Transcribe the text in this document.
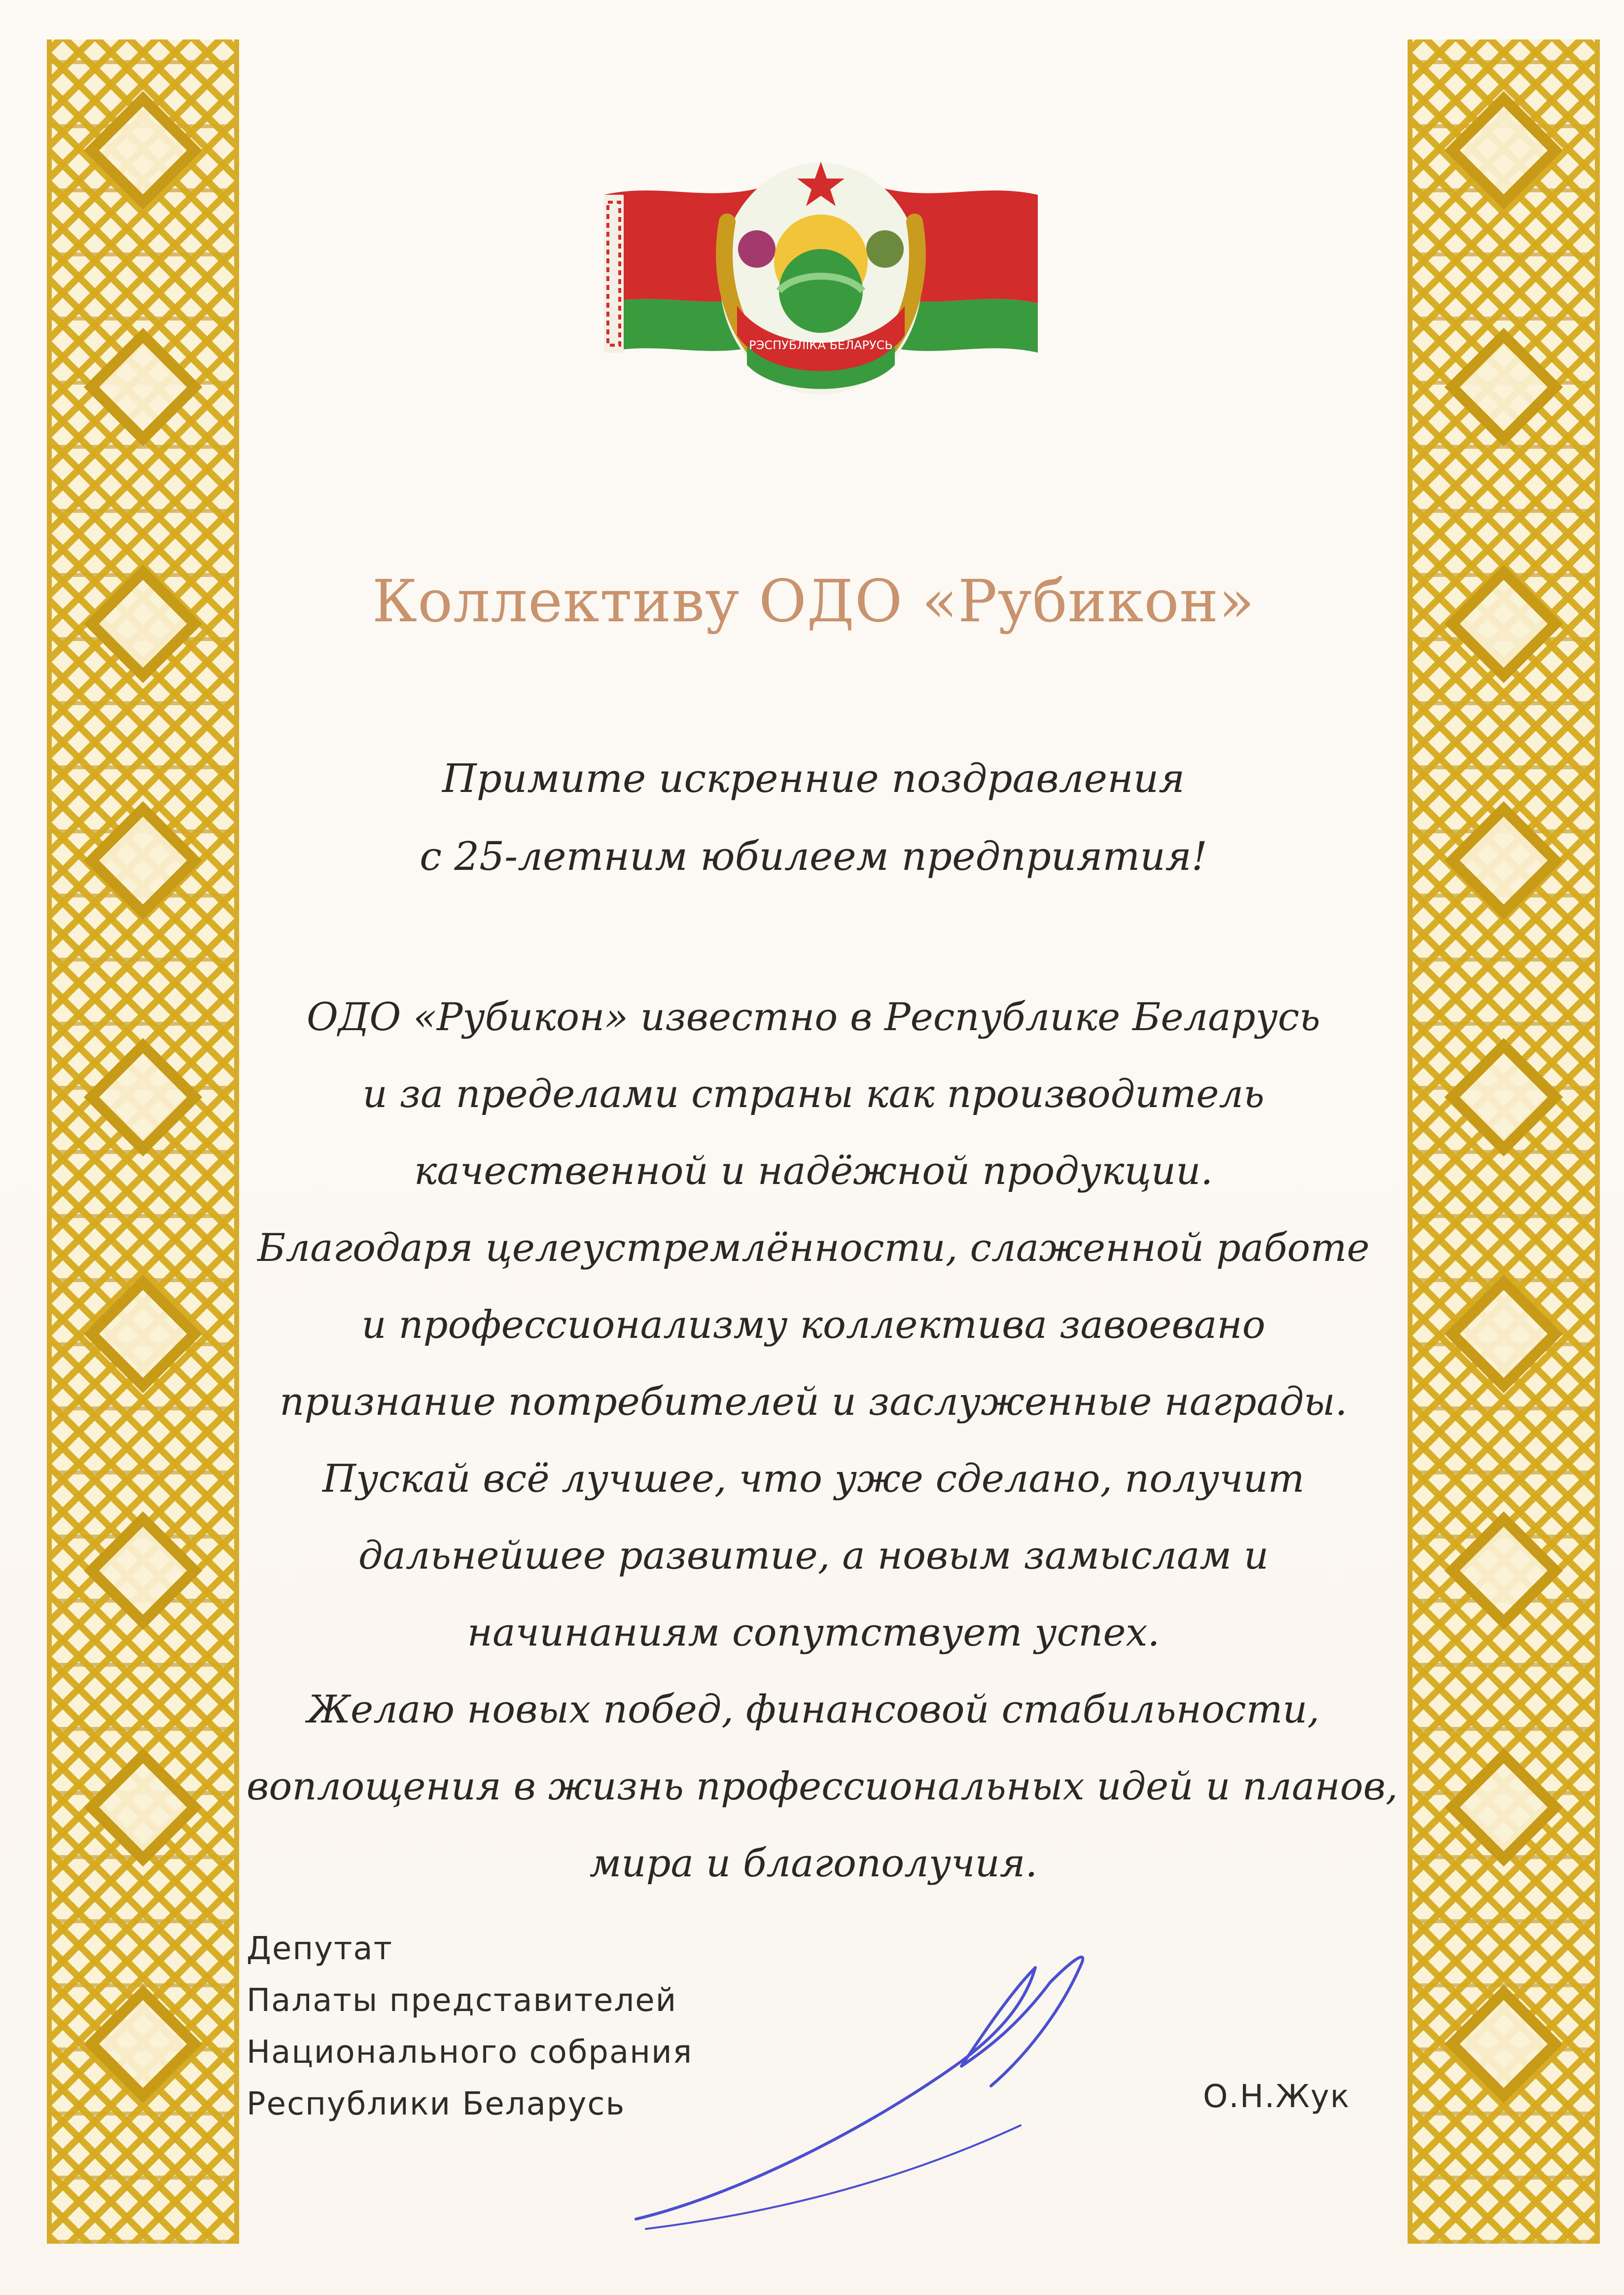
РЭСПУБЛІКА БЕЛАРУСЬ
Коллективу ОДО «Рубикон»
Примите искренние поздравления
с 25-летним юбилеем предприятия!
ОДО «Рубикон» известно в Республике Беларусь
и за пределами страны как производитель
качественной и надёжной продукции.
Благодаря целеустремлённости, слаженной работе
и профессионализму коллектива завоевано
признание потребителей и заслуженные награды.
Пускай всё лучшее, что уже сделано, получит
дальнейшее развитие, а новым замыслам и
начинаниям сопутствует успех.
Желаю новых побед, финансовой стабильности,
воплощения в жизнь профессиональных идей и планов,
мира и благополучия.
Депутат
Палаты представителей
Национального собрания
Республики Беларусь	О.Н.Жук
